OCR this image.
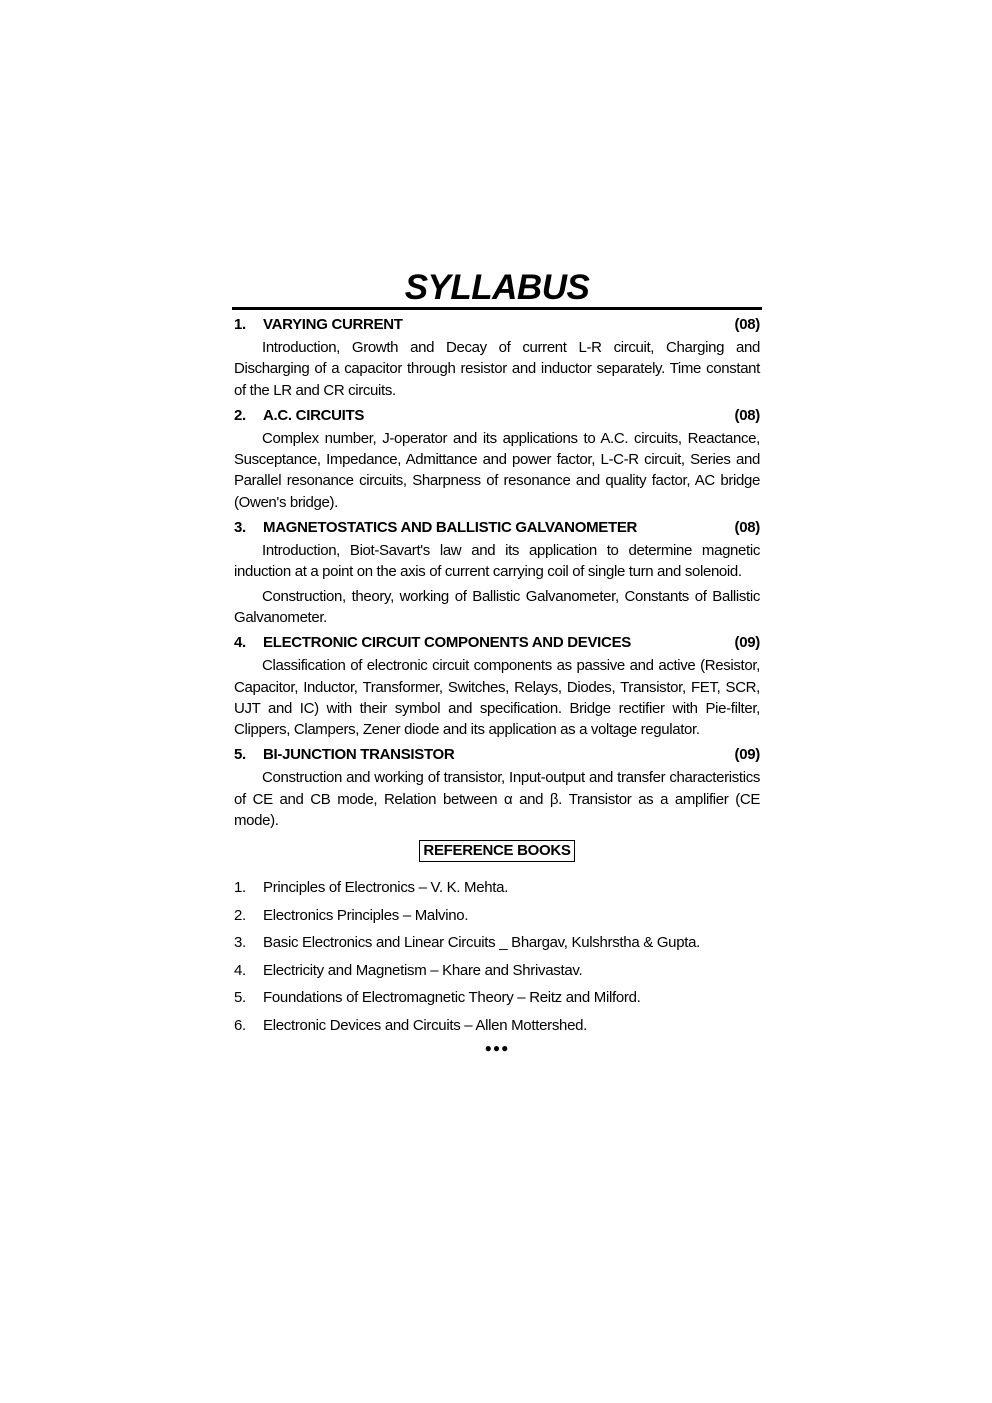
SYLLABUS
1.	VARYING CURRENT	(08)

Introduction, Growth and Decay of current L-R circuit, Charging and Discharging of a capacitor through resistor and inductor separately. Time constant of the LR and CR circuits.

2.	A.C. CIRCUITS	(08)

Complex number, J-operator and its applications to A.C. circuits, Reactance, Susceptance, Impedance, Admittance and power factor, L-C-R circuit, Series and Parallel resonance circuits, Sharpness of resonance and quality factor, AC bridge (Owen's bridge).

3.	MAGNETOSTATICS AND BALLISTIC GALVANOMETER	(08)

Introduction, Biot-Savart's law and its application to determine magnetic induction at a point on the axis of current carrying coil of single turn and solenoid.

Construction, theory, working of Ballistic Galvanometer, Constants of Ballistic Galvanometer.

4.	ELECTRONIC CIRCUIT COMPONENTS AND DEVICES	(09)

Classification of electronic circuit components as passive and active (Resistor, Capacitor, Inductor, Transformer, Switches, Relays, Diodes, Transistor, FET, SCR, UJT and IC) with their symbol and specification. Bridge rectifier with Pie-filter, Clippers, Clampers, Zener diode and its application as a voltage regulator.

5.	BI-JUNCTION TRANSISTOR	(09)

Construction and working of transistor, Input-output and transfer characteristics of CE and CB mode, Relation between α and β. Transistor as a amplifier (CE mode).

REFERENCE BOOKS
1.	Principles of Electronics – V. K. Mehta.
2.	Electronics Principles – Malvino.
3.	Basic Electronics and Linear Circuits _ Bhargav, Kulshrstha & Gupta.
4.	Electricity and Magnetism – Khare and Shrivastav.
5.	Foundations of Electromagnetic Theory – Reitz and Milford.
6.	Electronic Devices and Circuits – Allen Mottershed.
●●●
